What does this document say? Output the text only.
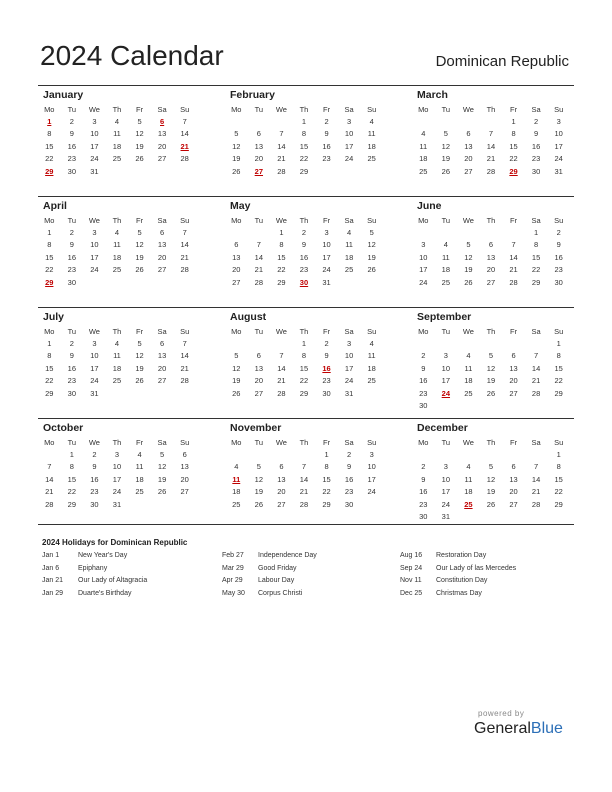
2024 Calendar	Dominican Republic
January
Mo	Tu	We	Th	Fr	Sa	Su
1	2	3	4	5	6	7
8	9	10	11	12	13	14
15	16	17	18	19	20	21
22	23	24	25	26	27	28
29	30	31				
February
Mo	Tu	We	Th	Fr	Sa	Su
			1	2	3	4
5	6	7	8	9	10	11
12	13	14	15	16	17	18
19	20	21	22	23	24	25
26	27	28	29			
March
Mo	Tu	We	Th	Fr	Sa	Su
				1	2	3
4	5	6	7	8	9	10
11	12	13	14	15	16	17
18	19	20	21	22	23	24
25	26	27	28	29	30	31
April
Mo	Tu	We	Th	Fr	Sa	Su
1	2	3	4	5	6	7
8	9	10	11	12	13	14
15	16	17	18	19	20	21
22	23	24	25	26	27	28
29	30					
May
Mo	Tu	We	Th	Fr	Sa	Su
		1	2	3	4	5
6	7	8	9	10	11	12
13	14	15	16	17	18	19
20	21	22	23	24	25	26
27	28	29	30	31		
June
Mo	Tu	We	Th	Fr	Sa	Su
					1	2
3	4	5	6	7	8	9
10	11	12	13	14	15	16
17	18	19	20	21	22	23
24	25	26	27	28	29	30
July
Mo	Tu	We	Th	Fr	Sa	Su
1	2	3	4	5	6	7
8	9	10	11	12	13	14
15	16	17	18	19	20	21
22	23	24	25	26	27	28
29	30	31				
August
Mo	Tu	We	Th	Fr	Sa	Su
			1	2	3	4
5	6	7	8	9	10	11
12	13	14	15	16	17	18
19	20	21	22	23	24	25
26	27	28	29	30	31	
September
Mo	Tu	We	Th	Fr	Sa	Su
						1
2	3	4	5	6	7	8
9	10	11	12	13	14	15
16	17	18	19	20	21	22
23	24	25	26	27	28	29
30						
October
Mo	Tu	We	Th	Fr	Sa	Su
	1	2	3	4	5	6
7	8	9	10	11	12	13
14	15	16	17	18	19	20
21	22	23	24	25	26	27
28	29	30	31			
November
Mo	Tu	We	Th	Fr	Sa	Su
				1	2	3
4	5	6	7	8	9	10
11	12	13	14	15	16	17
18	19	20	21	22	23	24
25	26	27	28	29	30	
December
Mo	Tu	We	Th	Fr	Sa	Su
						1
2	3	4	5	6	7	8
9	10	11	12	13	14	15
16	17	18	19	20	21	22
23	24	25	26	27	28	29
30	31					
2024 Holidays for Dominican Republic
Jan 1	New Year's Day
Jan 6	Epiphany
Jan 21	Our Lady of Altagracia
Jan 29	Duarte's Birthday
Feb 27	Independence Day
Mar 29	Good Friday
Apr 29	Labour Day
May 30	Corpus Christi
Aug 16	Restoration Day
Sep 24	Our Lady of las Mercedes
Nov 11	Constitution Day
Dec 25	Christmas Day
powered by
GeneralBlue
